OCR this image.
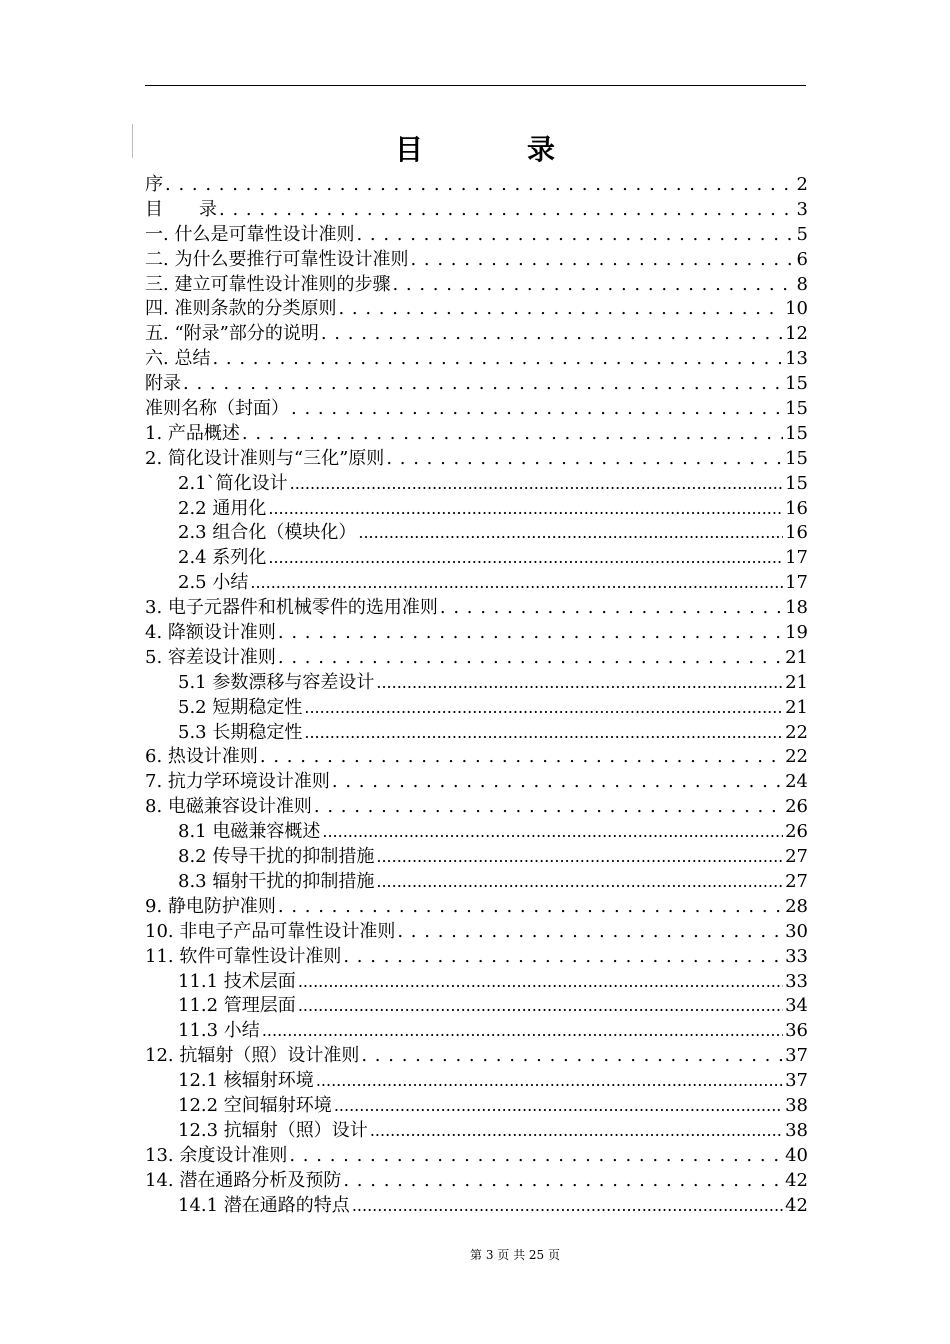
目　录
序 . . .	2
目　　录 . . .	3
一. 什么是可靠性设计准则 . . .	5
二. 为什么要推行可靠性设计准则 . . .	6
三. 建立可靠性设计准则的步骤 . . .	8
四. 准则条款的分类原则 . . .	10
五. “附录”部分的说明 . . .	12
六. 总结 . . .	13
附录 . . .	15
准则名称（封面） . . .	15
1. 产品概述 . . .	15
2. 简化设计准则与“三化”原则 . . .	15
2.1`简化设计 .....	15
2.2 通用化 .....	16
2.3 组合化（模块化） .....	16
2.4 系列化 .....	17
2.5 小结 .....	17
3. 电子元器件和机械零件的选用准则 . . .	18
4. 降额设计准则 . . .	19
5. 容差设计准则 . . .	21
5.1 参数漂移与容差设计 .....	21
5.2 短期稳定性 .....	21
5.3 长期稳定性 .....	22
6. 热设计准则 . . .	22
7. 抗力学环境设计准则 . . .	24
8. 电磁兼容设计准则 . . .	26
8.1 电磁兼容概述 .....	26
8.2 传导干扰的抑制措施 .....	27
8.3 辐射干扰的抑制措施 .....	27
9. 静电防护准则 . . .	28
10. 非电子产品可靠性设计准则 . . .	30
11. 软件可靠性设计准则 . . .	33
11.1 技术层面 .....	33
11.2 管理层面 .....	34
11.3 小结 .....	36
12. 抗辐射（照）设计准则 . . .	37
12.1 核辐射环境 .....	37
12.2 空间辐射环境 .....	38
12.3 抗辐射（照）设计 .....	38
13. 余度设计准则 . . .	40
14. 潜在通路分析及预防 . . .	42
14.1 潜在通路的特点 .....	42
第 3 页 共 25 页
